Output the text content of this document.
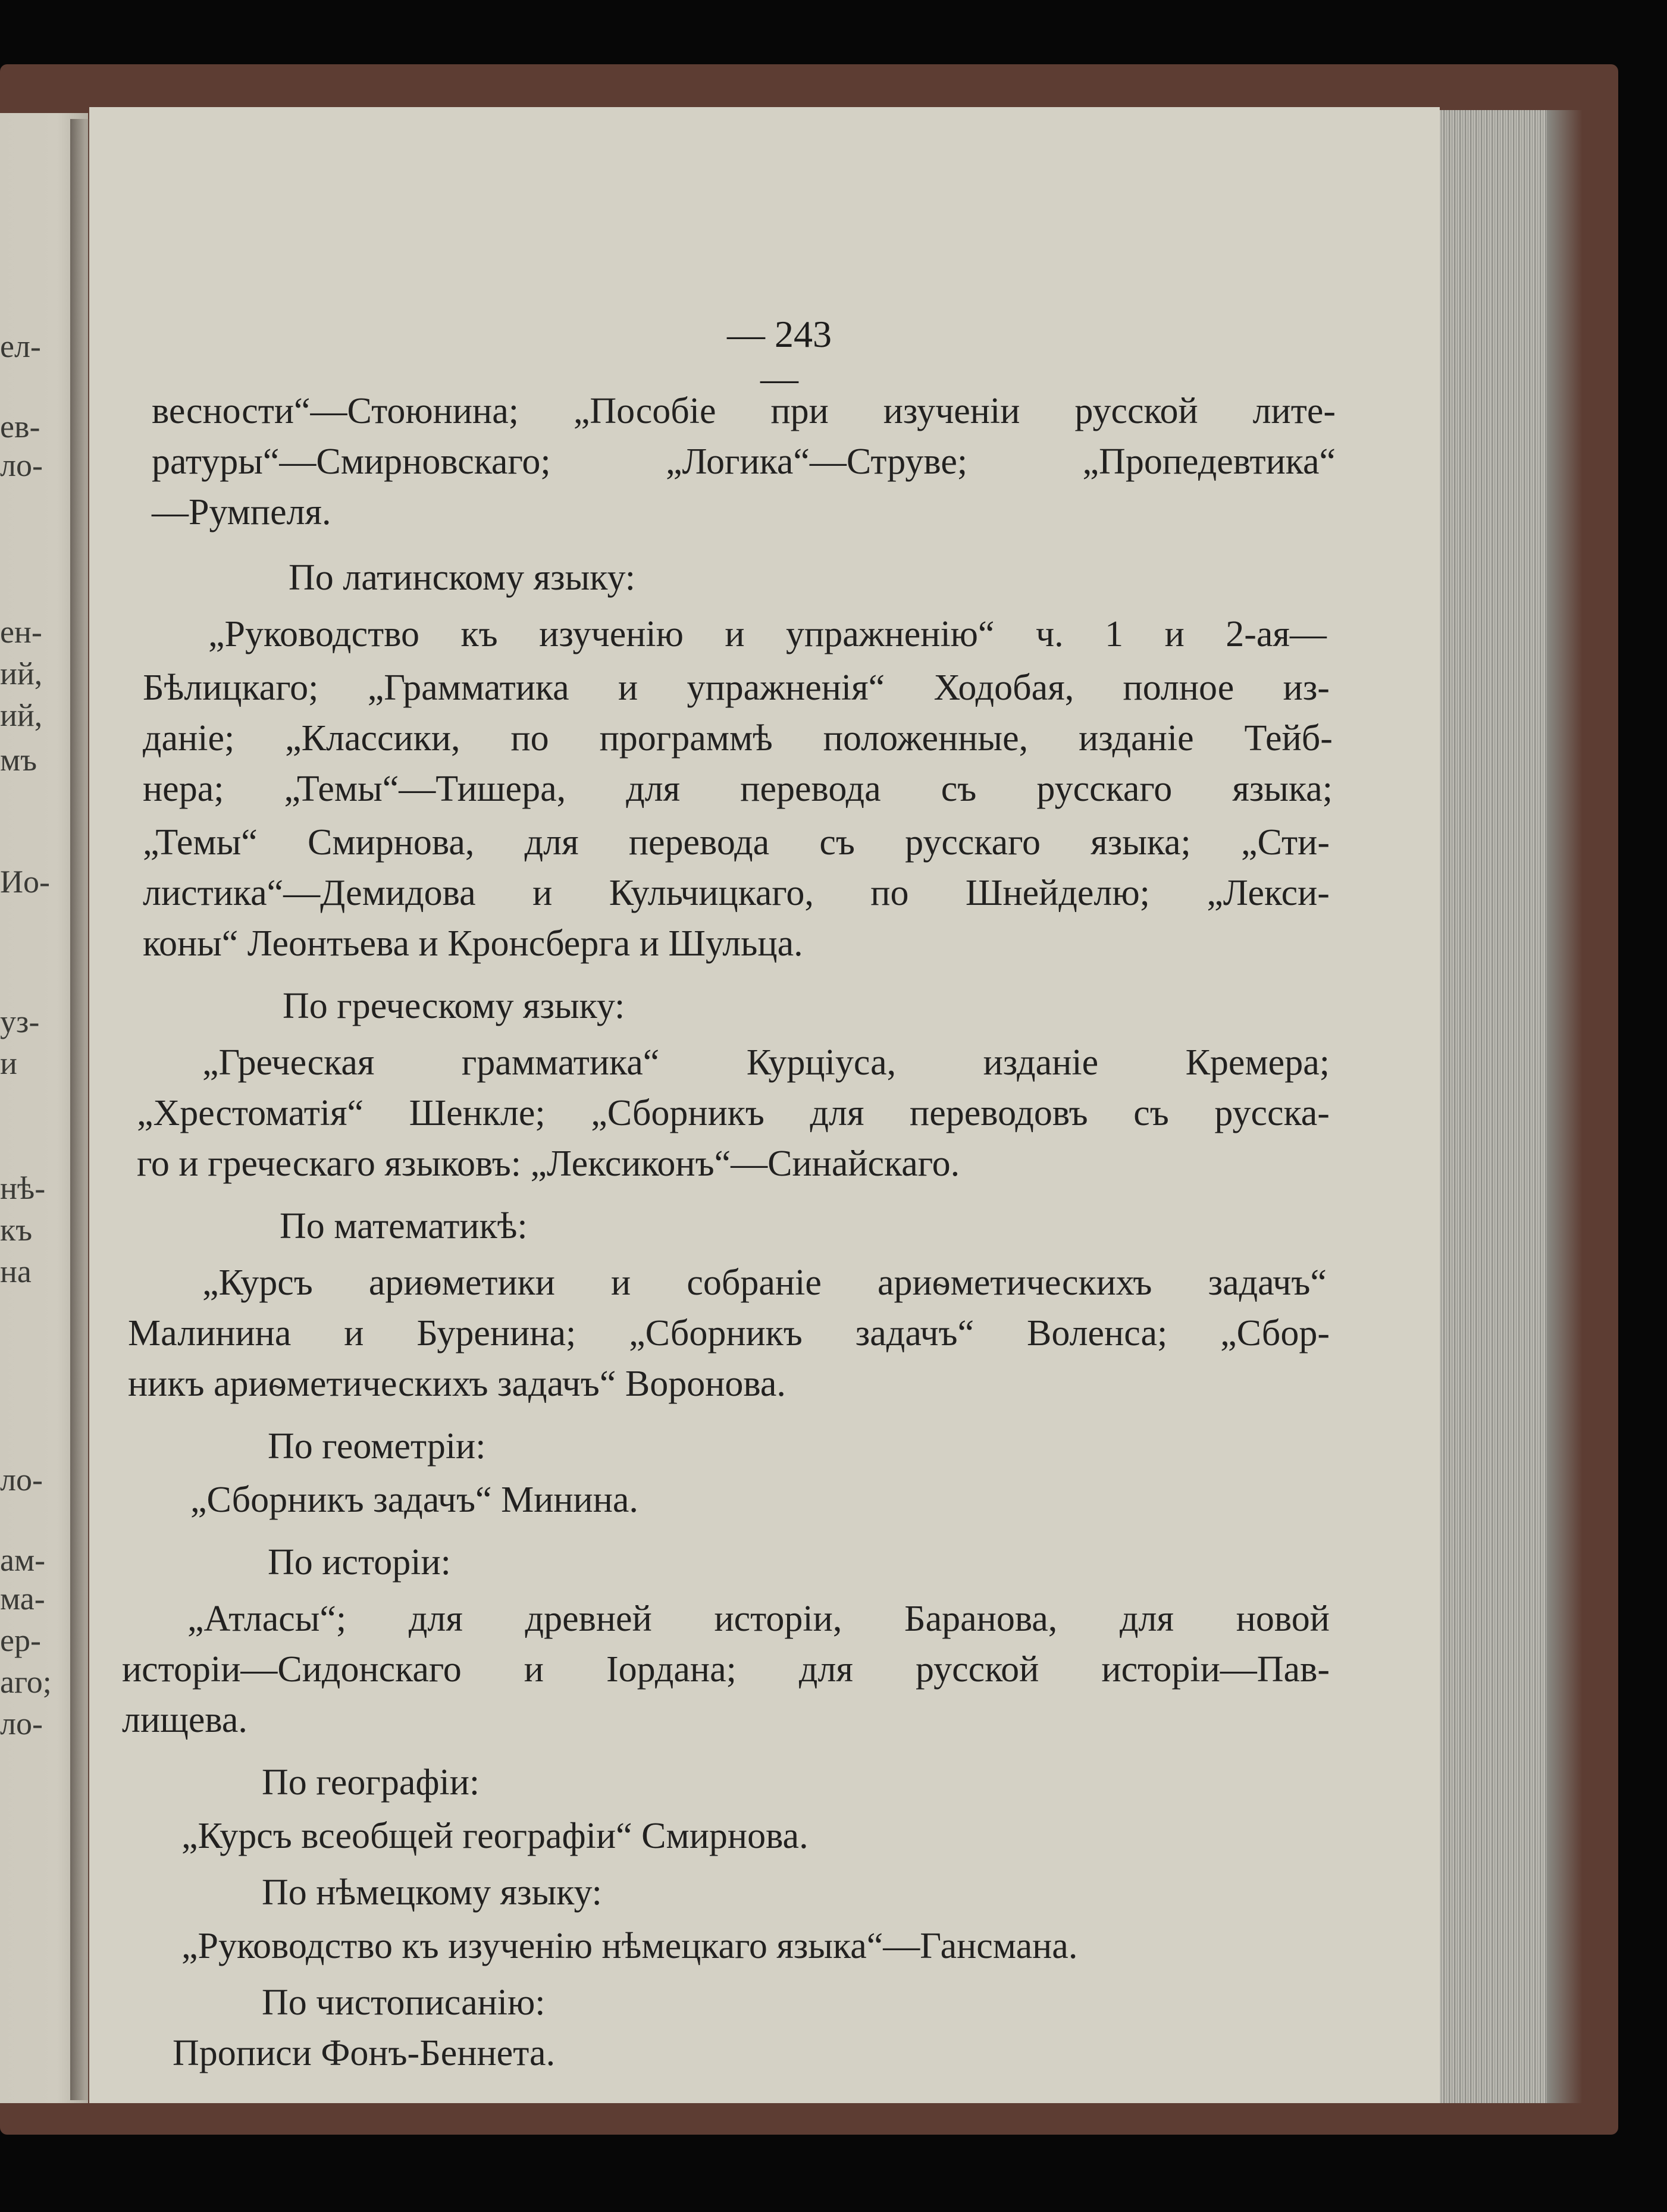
ел-
ев-
ло-
ен-
ий,
ий,
мъ
Ио-
уз-
и
нѣ-
къ
на
ло-
ам-
ма-
ер-
аго;
ло-
— 243 —
весности“—Стоюнина; „Пособіе при изученіи русской лите-
ратуры“—Смирновскаго;	„Логика“—Струве;	„Пропедевтика“
—Румпеля.
По латинскому языку:
„Руководство къ изученію и упражненію“ ч. 1 и 2-ая—
Бѣлицкаго; „Грамматика и упражненія“ Ходобая, полное из-
даніе; „Классики, по программѣ положенные, изданіе Тейб-
нера; „Темы“—Тишера, для перевода съ русскаго языка;
„Темы“ Смирнова, для перевода съ русскаго языка; „Сти-
листика“—Демидова и Кульчицкаго, по Шнейделю; „Лекси-
коны“ Леонтьева и Кронсберга и Шульца.
По греческому языку:
„Греческая грамматика“ Курціуса, изданіе Кремера;
„Хрестоматія“ Шенкле; „Сборникъ для переводовъ съ русска-
го и греческаго языковъ: „Лексиконъ“—Синайскаго.
По математикѣ:
„Курсъ ариѳметики и собраніе ариѳметическихъ задачъ“
Малинина и Буренина; „Сборникъ задачъ“ Воленса; „Сбор-
никъ ариѳметическихъ задачъ“ Воронова.
По геометріи:
„Сборникъ задачъ“ Минина.
По исторіи:
„Атласы“; для древней исторіи, Баранова, для новой
исторіи—Сидонскаго и Іордана; для русской исторіи—Пав-
лищева.
По географіи:
„Курсъ всеобщей географіи“ Смирнова.
По нѣмецкому языку:
„Руководство къ изученію нѣмецкаго языка“—Гансмана.
По чистописанію:
Прописи Фонъ-Беннета.
